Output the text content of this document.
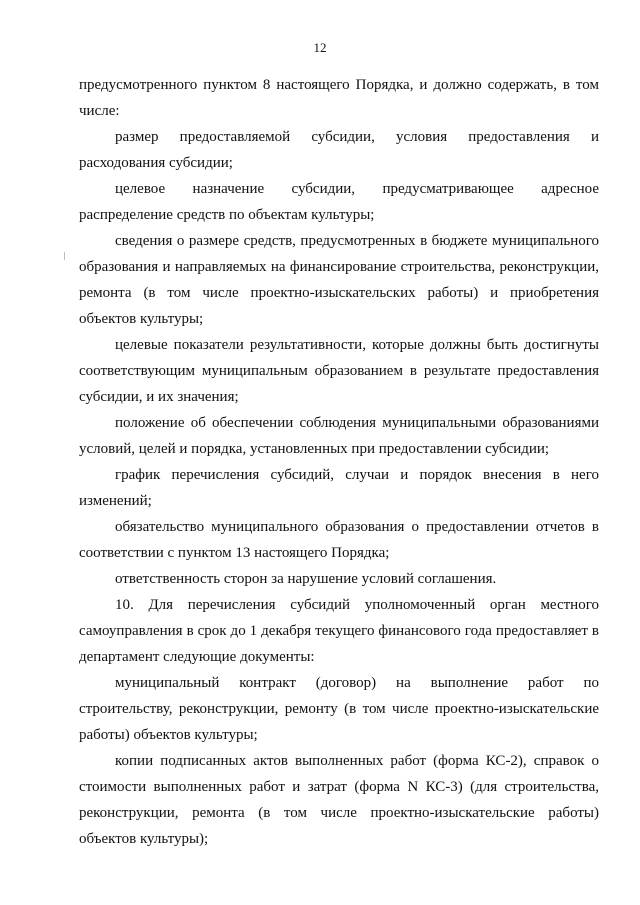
12

предусмотренного пунктом 8 настоящего Порядка, и должно содержать, в том числе:

размер предоставляемой субсидии, условия предоставления и расходования субсидии;

целевое назначение субсидии, предусматривающее адресное распределение средств по объектам культуры;

сведения о размере средств, предусмотренных в бюджете муниципального образования и направляемых на финансирование строительства, реконструкции, ремонта (в том числе проектно-изыскательских работы) и приобретения объектов культуры;

целевые показатели результативности, которые должны быть достигнуты соответствующим муниципальным образованием в результате предоставления субсидии, и их значения;

положение об обеспечении соблюдения муниципальными образованиями условий, целей и порядка, установленных при предоставлении субсидии;

график перечисления субсидий, случаи и порядок внесения в него изменений;

обязательство муниципального образования о предоставлении отчетов в соответствии с пунктом 13 настоящего Порядка;

ответственность сторон за нарушение условий соглашения.

10. Для перечисления субсидий уполномоченный орган местного самоуправления в срок до 1 декабря текущего финансового года предоставляет в департамент следующие документы:

муниципальный контракт (договор) на выполнение работ по строительству, реконструкции, ремонту (в том числе проектно-изыскательские работы) объектов культуры;

копии подписанных актов выполненных работ (форма КС-2), справок о стоимости выполненных работ и затрат (форма N КС-3) (для строительства, реконструкции, ремонта (в том числе проектно-изыскательские работы) объектов культуры);
